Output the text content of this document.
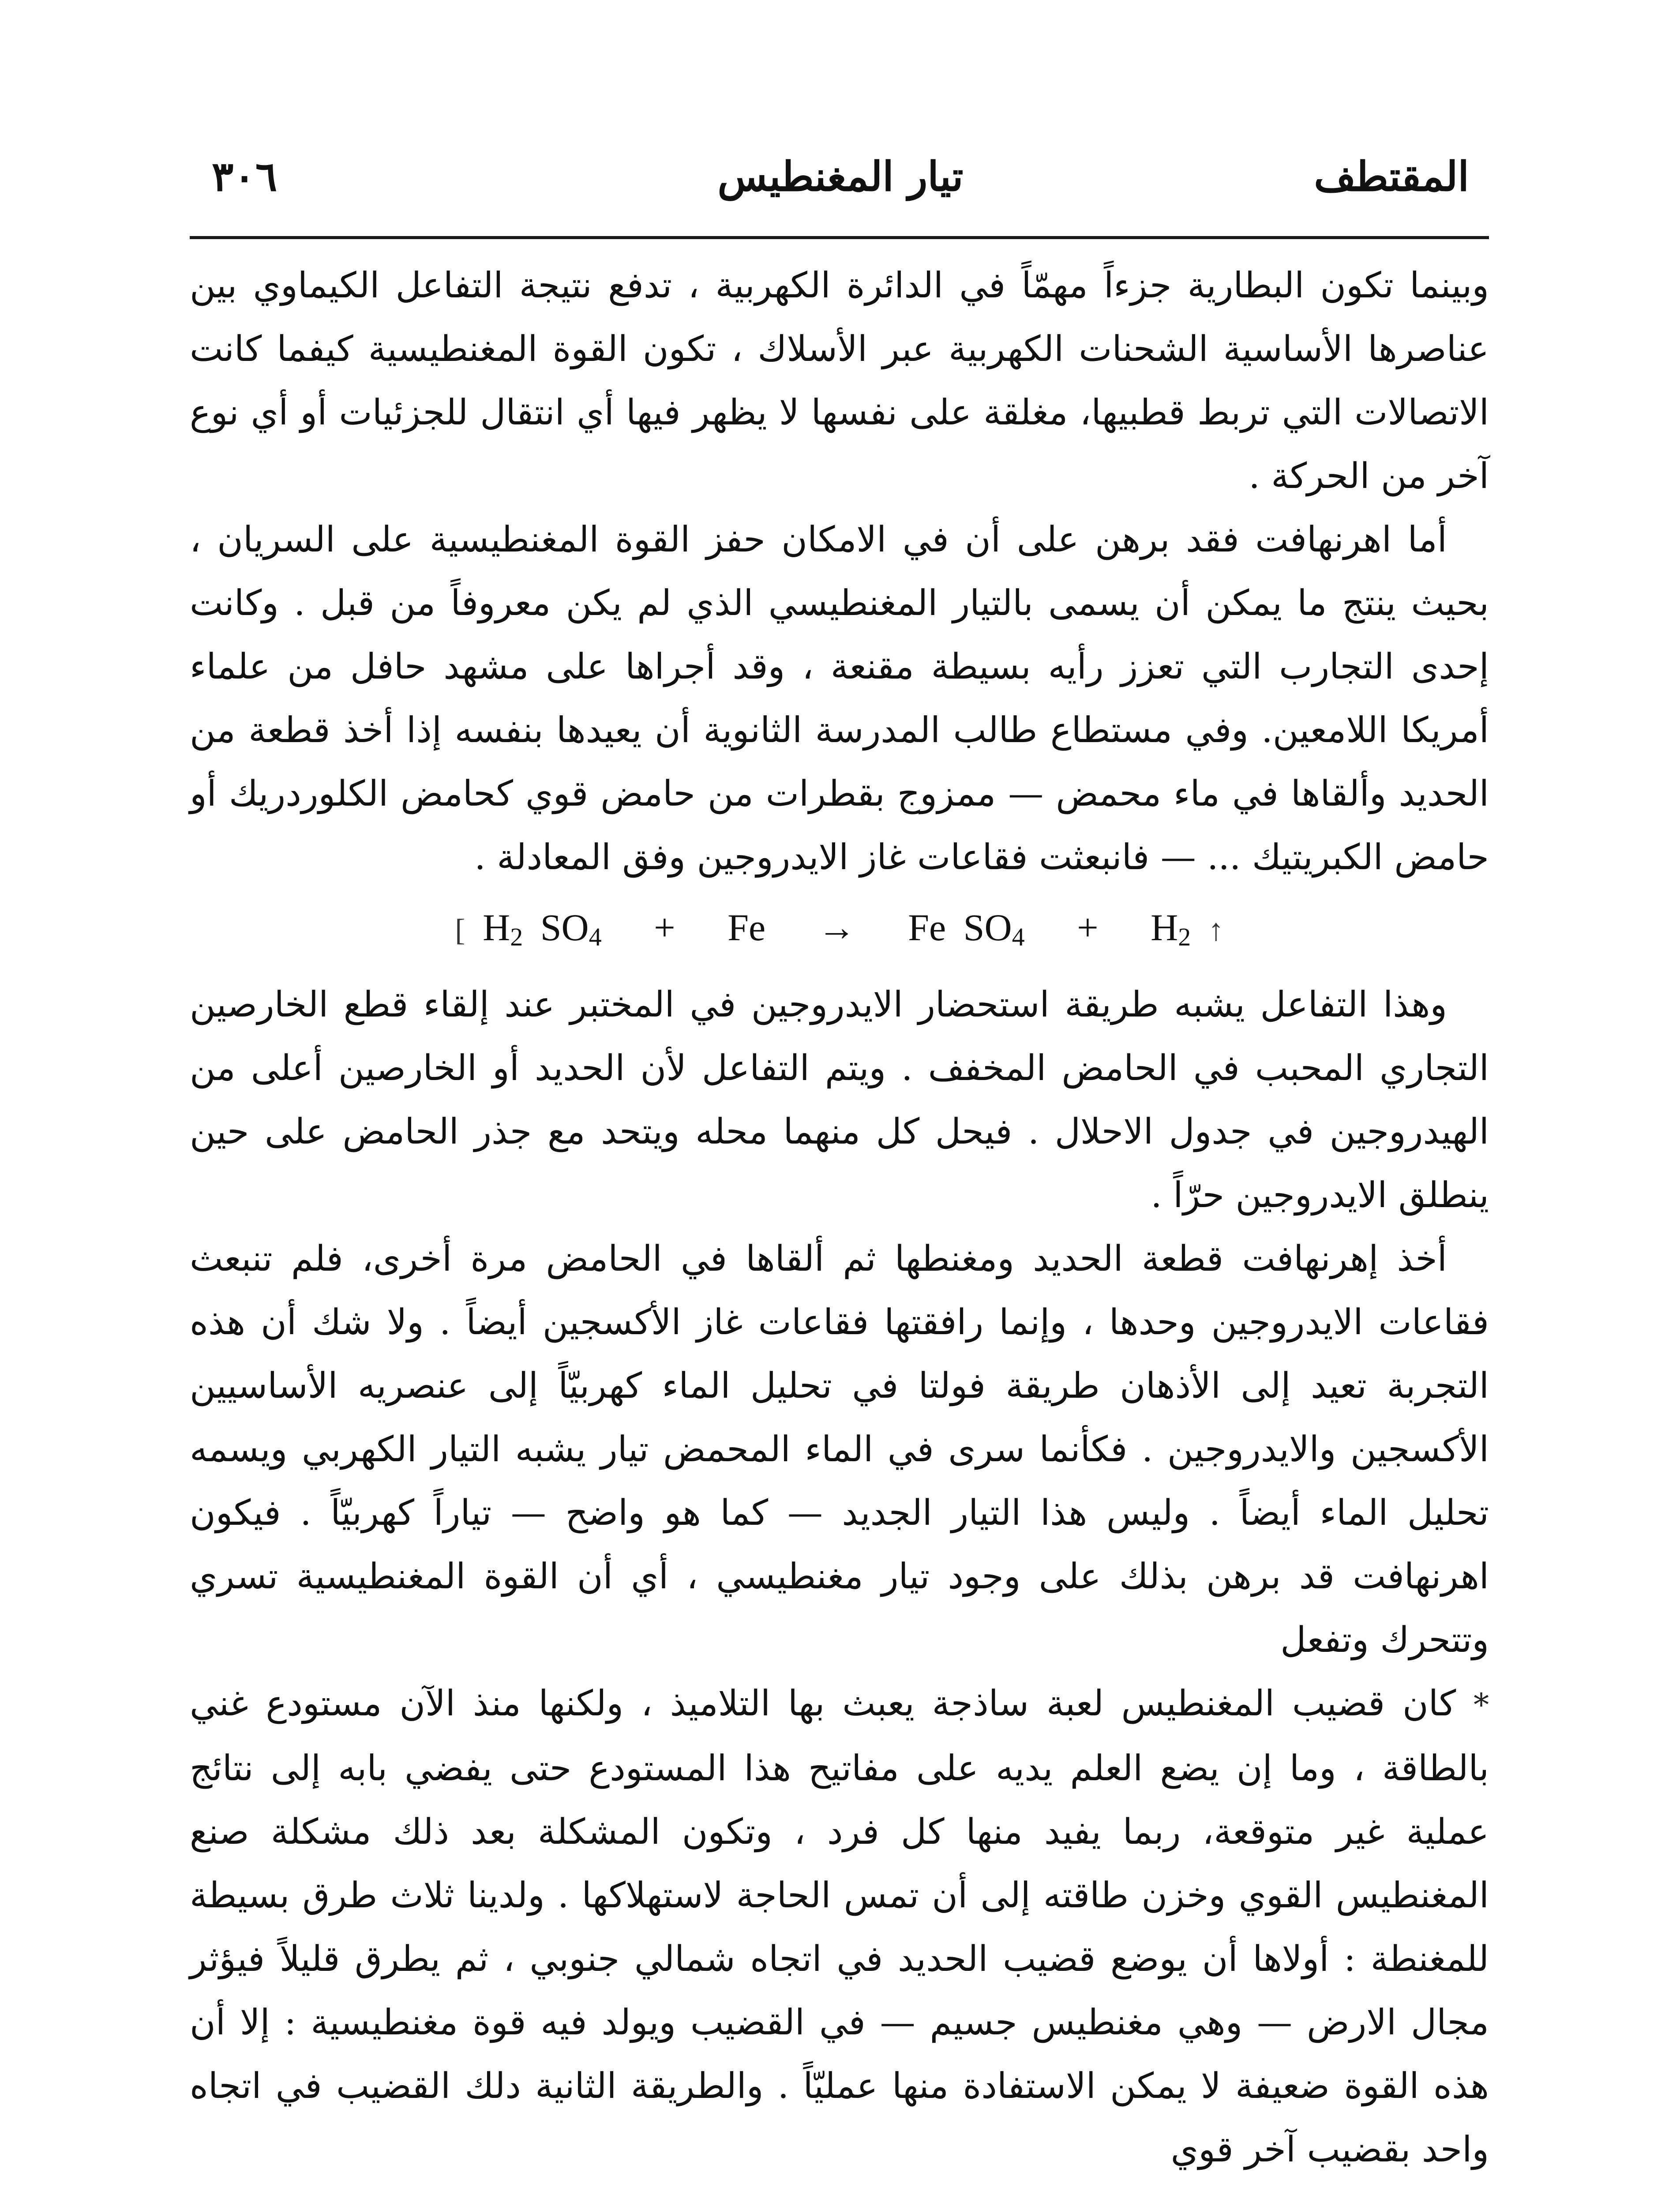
المقتطف
تيار المغنطيس
٣٠٦

وبينما تكون البطارية جزءاً مهمّاً في الدائرة الكهربية ، تدفع نتيجة التفاعل الكيماوي بين عناصرها الأساسية الشحنات الكهربية عبر الأسلاك ، تكون القوة المغنطيسية كيفما كانت الاتصالات التي تربط قطبيها، مغلقة على نفسها لا يظهر فيها أي انتقال للجزئيات أو أي نوع آخر من الحركة .

أما اهرنهافت فقد برهن على أن في الامكان حفز القوة المغنطيسية على السريان ، بحيث ينتج ما يمكن أن يسمى بالتيار المغنطيسي الذي لم يكن معروفاً من قبل . وكانت إحدى التجارب التي تعزز رأيه بسيطة مقنعة ، وقد أجراها على مشهد حافل من علماء أمريكا اللامعين. وفي مستطاع طالب المدرسة الثانوية أن يعيدها بنفسه إذا أخذ قطعة من الحديد وألقاها في ماء محمض — ممزوج بقطرات من حامض قوي كحامض الكلوردريك أو حامض الكبريتيك ... — فانبعثت فقاعات غاز الايدروجين وفق المعادلة .

[ H2 SO4 + Fe → Fe SO4 + H2 ↑

وهذا التفاعل يشبه طريقة استحضار الايدروجين في المختبر عند إلقاء قطع الخارصين التجاري المحبب في الحامض المخفف . ويتم التفاعل لأن الحديد أو الخارصين أعلى من الهيدروجين في جدول الاحلال . فيحل كل منهما محله ويتحد مع جذر الحامض على حين ينطلق الايدروجين حرّاً .

أخذ إهرنهافت قطعة الحديد ومغنطها ثم ألقاها في الحامض مرة أخرى، فلم تنبعث فقاعات الايدروجين وحدها ، وإنما رافقتها فقاعات غاز الأكسجين أيضاً . ولا شك أن هذه التجربة تعيد إلى الأذهان طريقة فولتا في تحليل الماء كهربيّاً إلى عنصريه الأساسيين الأكسجين والايدروجين . فكأنما سرى في الماء المحمض تيار يشبه التيار الكهربي ويسمه تحليل الماء أيضاً . وليس هذا التيار الجديد — كما هو واضح — تياراً كهربيّاً . فيكون اهرنهافت قد برهن بذلك على وجود تيار مغنطيسي ، أي أن القوة المغنطيسية تسري وتتحرك وتفعل

* كان قضيب المغنطيس لعبة ساذجة يعبث بها التلاميذ ، ولكنها منذ الآن مستودع غني بالطاقة ، وما إن يضع العلم يديه على مفاتيح هذا المستودع حتى يفضي بابه إلى نتائج عملية غير متوقعة، ربما يفيد منها كل فرد ، وتكون المشكلة بعد ذلك مشكلة صنع المغنطيس القوي وخزن طاقته إلى أن تمس الحاجة لاستهلاكها . ولدينا ثلاث طرق بسيطة للمغنطة : أولاها أن يوضع قضيب الحديد في اتجاه شمالي جنوبي ، ثم يطرق قليلاً فيؤثر مجال الارض — وهي مغنطيس جسيم — في القضيب ويولد فيه قوة مغنطيسية : إلا أن هذه القوة ضعيفة لا يمكن الاستفادة منها عمليّاً . والطريقة الثانية دلك القضيب في اتجاه واحد بقضيب آخر قوي
